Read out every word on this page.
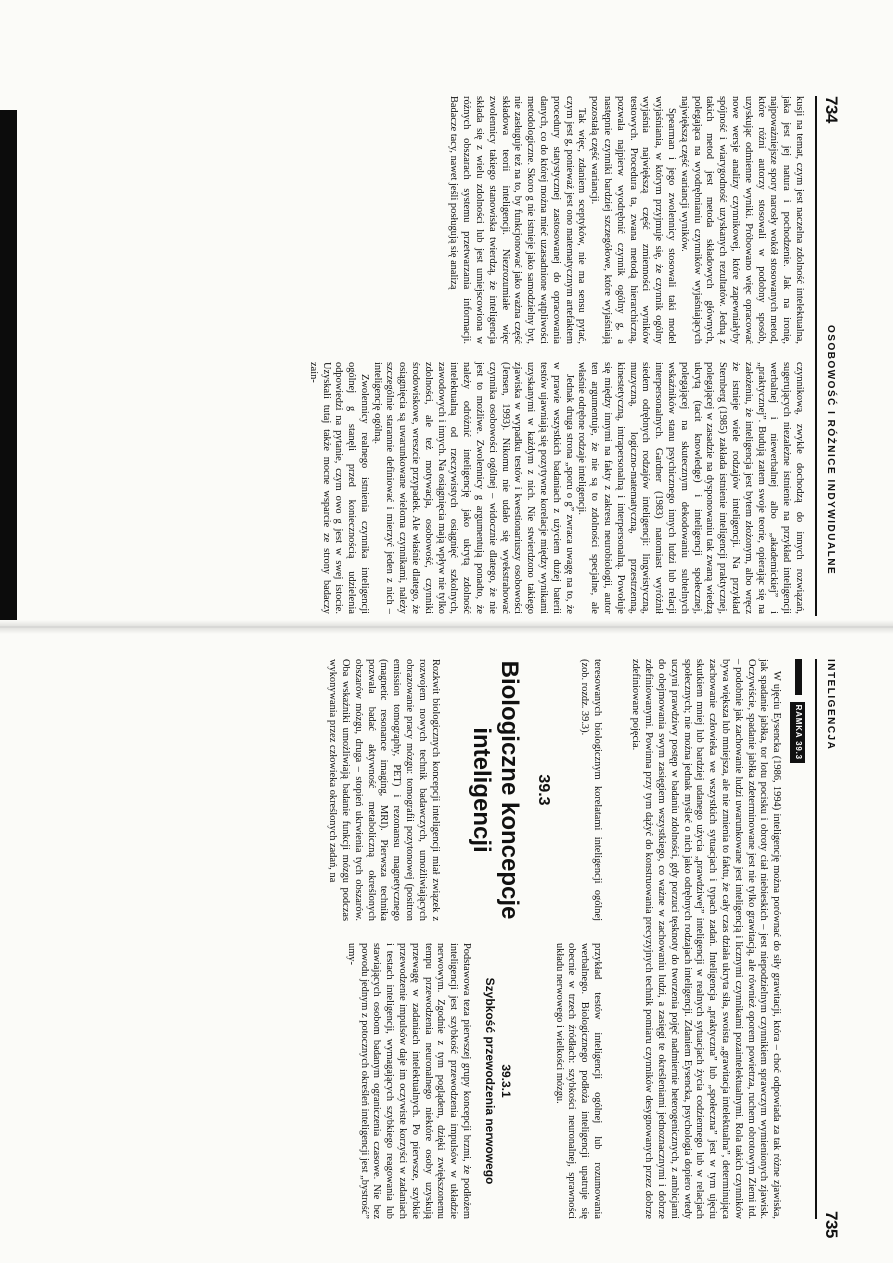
734
OSOBOWOŚĆ I RÓŻNICE INDYWIDUALNE

kusji na temat, czym jest naczelna zdolność intelektualna, jaka jest jej natura i pochodzenie. Jak na ironię, najpoważniejsze spory narosły wokół stosowanych metod, które różni autorzy stosowali w podobny sposób, uzyskując odmienne wyniki. Próbowano więc opracować nowe wersje analizy czynnikowej, które zapewniałyby spójność i wiarygodność uzyskanych rezultatów. Jedną z takich metod jest metoda składowych głównych, polegająca na wyodrębnianiu czynników wyjaśniających największą część wariancji wyników.

Spearman i jego zwolennicy stosowali taki model wyjaśniania, w którym przyjmuje się, że czynnik ogólny wyjaśnia największą część zmienności wyników testowych. Procedura ta, zwana metodą hierarchiczną, pozwala najpierw wyodrębnić czynnik ogólny g, a następnie czynniki bardziej szczegółowe, które wyjaśniają pozostałą część wariancji.

Tak więc, zdaniem sceptyków, nie ma sensu pytać, czym jest g, ponieważ jest ono matematycznym artefaktem procedury statystycznej zastosowanej do opracowania danych, co do której można mieć uzasadnione wątpliwości metodologiczne. Skoro g nie istnieje jako samodzielny byt, nie zasługuje też na to, by funkcjonować jako ważna część składowa teorii inteligencji. Niezrozumiałe więc zwolennicy takiego stanowiska twierdzą, że inteligencja składa się z wielu zdolności lub jest umiejscowiona w różnych obszarach systemu przetwarzania informacji. Badacze tacy, nawet jeśli posługują się analizą

czynnikową, zwykle dochodzą do innych rozwiązań, sugerujących niezależne istnienie na przykład inteligencji werbalnej i niewerbalnej albo „akademickiej” i „praktycznej”. Budują zatem swoje teorie, opierając się na założeniu, że inteligencja jest bytem złożonym, albo wręcz że istnieje wiele rodzajów inteligencji. Na przykład Sternberg (1985) zakłada istnienie inteligencji praktycznej, polegającej w zasadzie na dysponowaniu tak zwaną wiedzą ukrytą (tacit knowledge) i inteligencji społecznej, polegającej na skutecznym dekodowaniu subtelnych wskaźników stanu psychicznego innych ludzi lub relacji interpersonalnych. Gardner (1983) natomiast wyróżnił siedem odrębnych rodzajów inteligencji: lingwistyczną, muzyczną, logiczno-matematyczną, przestrzenną, kinestetyczną, intrapersonalną i interpersonalną. Powołuje się między innymi na fakty z zakresu neurobiologii, autor ten argumentuje, że nie są to zdolności specjalne, ale właśnie odrębne rodzaje inteligencji.

Jednak druga strona „sporu o g” zwraca uwagę na to, że w prawie wszystkich badaniach z użyciem dużej baterii testów ujawniają się pozytywne korelacje między wynikami uzyskanymi w każdym z nich. Nie stwierdzono takiego zjawiska w wypadku testów i kwestionariuszy osobowości (Jensen, 1993). Nikomu nie udało się wyekstrahować czynnika osobowości ogólnej – widocznie dlatego, że nie jest to możliwe. Zwolennicy g argumentują ponadto, że należy odróżnić inteligencję jako ukrytą zdolność intelektualną od rzeczywistych osiągnięć szkolnych, zawodowych i innych. Na osiągnięcia mają wpływ nie tylko zdolności, ale też motywacja, osobowość, czynniki środowiskowe, wreszcie przypadek. Ale właśnie dlatego, że osiągnięcia są uwarunkowane wieloma czynnikami, należy szczególnie starannie definiować i mierzyć jeden z nich – inteligencję ogólną.

Zwolennicy realnego istnienia czynnika inteligencji ogólnej g stanęli przed koniecznością udzielenia odpowiedzi na pytanie, czym owo g jest w swej istocie. Uzyskali tutaj także mocne wsparcie ze strony badaczy zain-

INTELIGENCJA
735
RAMKA 39.3

W ujęciu Eysencka (1986, 1994) inteligencję można porównać do siły grawitacji, która – choć odpowiada za tak różne zjawiska, jak spadanie jabłka, tor lotu pocisku i obroty ciał niebieskich – jest niepodzielnym czynnikiem sprawczym wymienionych zjawisk. Oczywiście, spadanie jabłka zdeterminowane jest nie tylko grawitacją, ale również oporem powietrza, ruchem obrotowym Ziemi itd. – podobnie jak zachowanie ludzi uwarunkowane jest inteligencją i licznymi czynnikami pozaintelektualnymi. Rola takich czynników bywa większa lub mniejsza, ale nie zmienia to faktu, że cały czas działa ukryta siła, swoista „grawitacja intelektualna”, determinująca zachowanie człowieka we wszystkich sytuacjach i typach zadań. Inteligencja „praktyczna” lub „społeczna” jest w tym ujęciu skutkiem mniej lub bardziej udanego użycia „prawdziwej” inteligencji w realnych sytuacjach życia codziennego lub w relacjach społecznych; nie można jednak myśleć o nich jako odrębnych rodzajach inteligencji. Zdaniem Eysencka, psychologia dopiero wtedy uczyni prawdziwy postęp w badaniu zdolności, gdy porzuci tęsknoty do tworzenia pojęć nadmiernie heterogenicznych, z ambicjami do obejmowania swym zasięgiem wszystkiego, co ważne w zachowaniu ludzi, a zasięgi te określeniami jednoznacznymi i dobrze zdefiniowanymi. Powinna przy tym dążyć do konstruowania precyzyjnych technik pomiaru czynników desygnowanych przez dobrze zdefiniowane pojęcia.

teresowanych biologicznym korelatami inteligencji ogólnej (zob. rozdz. 39.3).

39.3
Biologiczne koncepcje inteligencji

Rozkwit biologicznych koncepcji inteligencji miał związek z rozwojem nowych technik badawczych, umożliwiających obrazowanie pracy mózgu: tomografii pozytonowej (positron emission tomography, PET) i rezonansu magnetycznego (magnetic resonance imaging, MRI). Pierwsza technika pozwala badać aktywność metaboliczną określonych obszarów mózgu, druga – stopień ukrwienia tych obszarów. Oba wskaźniki umożliwiają badanie funkcji mózgu podczas wykonywania przez człowieka określonych zadań, na

przykład testów inteligencji ogólnej lub rozumowania werbalnego. Biologicznego podłoża inteligencji upatruje się obecnie w trzech źródłach: szybkości neuronalnej, sprawności układu nerwowego i wielkości mózgu.

39.3.1
Szybkość przewodzenia nerwowego

Podstawowa teza pierwszej grupy koncepcji brzmi, że podłożem inteligencji jest szybkość przewodzenia impulsów w układzie nerwowym. Zgodnie z tym poglądem, dzięki zwiększonemu tempu przewodzenia neuronalnego niektóre osoby uzyskują przewagę w zadaniach intelektualnych. Po pierwsze, szybkie przewodzenie impulsów daje im oczywiste korzyści w zadaniach i testach inteligencji, wymagających szybkiego reagowania lub stawiających osobom badanym ograniczenia czasowe. Nie bez powodu jednym z potocznych określeń inteligencji jest „bystrość” umy-
